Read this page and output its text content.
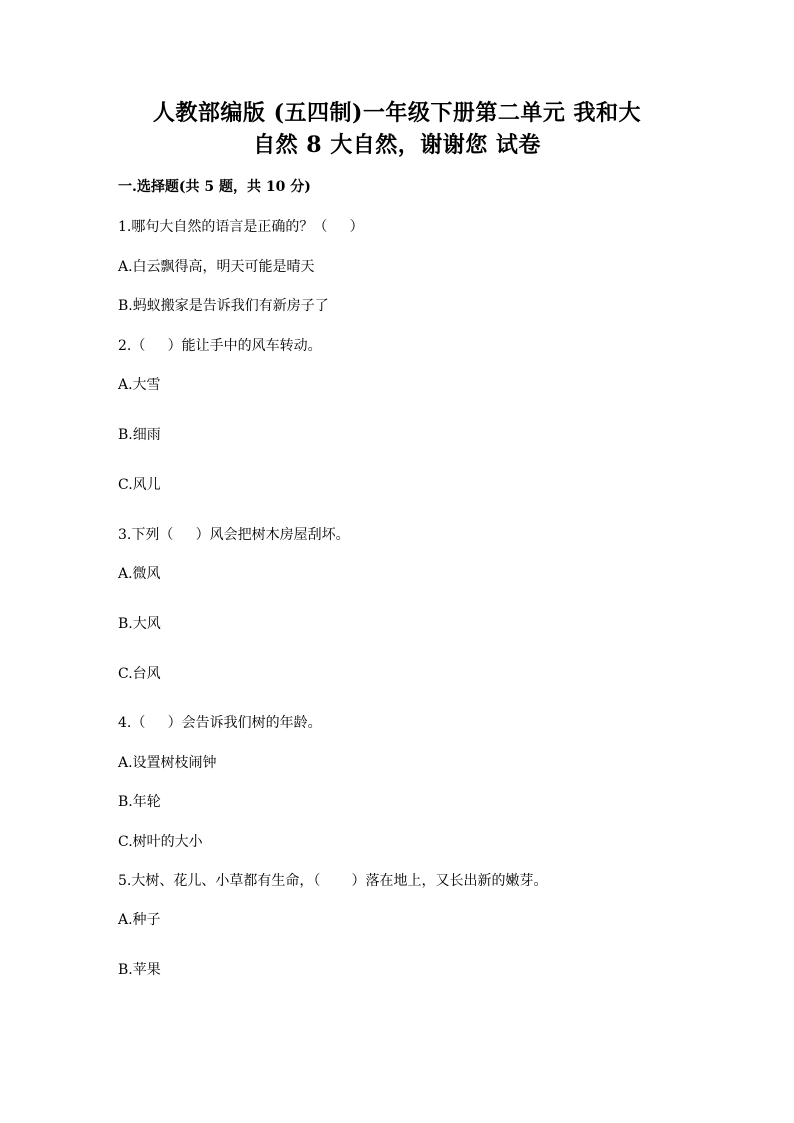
人教部编版 (五四制)一年级下册第二单元 我和大
自然 8 大自然，谢谢您 试卷
一.选择题(共 5 题，共 10 分)
1.哪句大自然的语言是正确的？（     ）
A.白云飘得高，明天可能是晴天
B.蚂蚁搬家是告诉我们有新房子了
2.（     ）能让手中的风车转动。
A.大雪
B.细雨
C.风儿
3.下列（     ）风会把树木房屋刮坏。
A.微风
B.大风
C.台风
4.（     ）会告诉我们树的年龄。
A.设置树枝闹钟
B.年轮
C.树叶的大小
5.大树、花儿、小草都有生命，（       ）落在地上，又长出新的嫩芽。
A.种子
B.苹果
